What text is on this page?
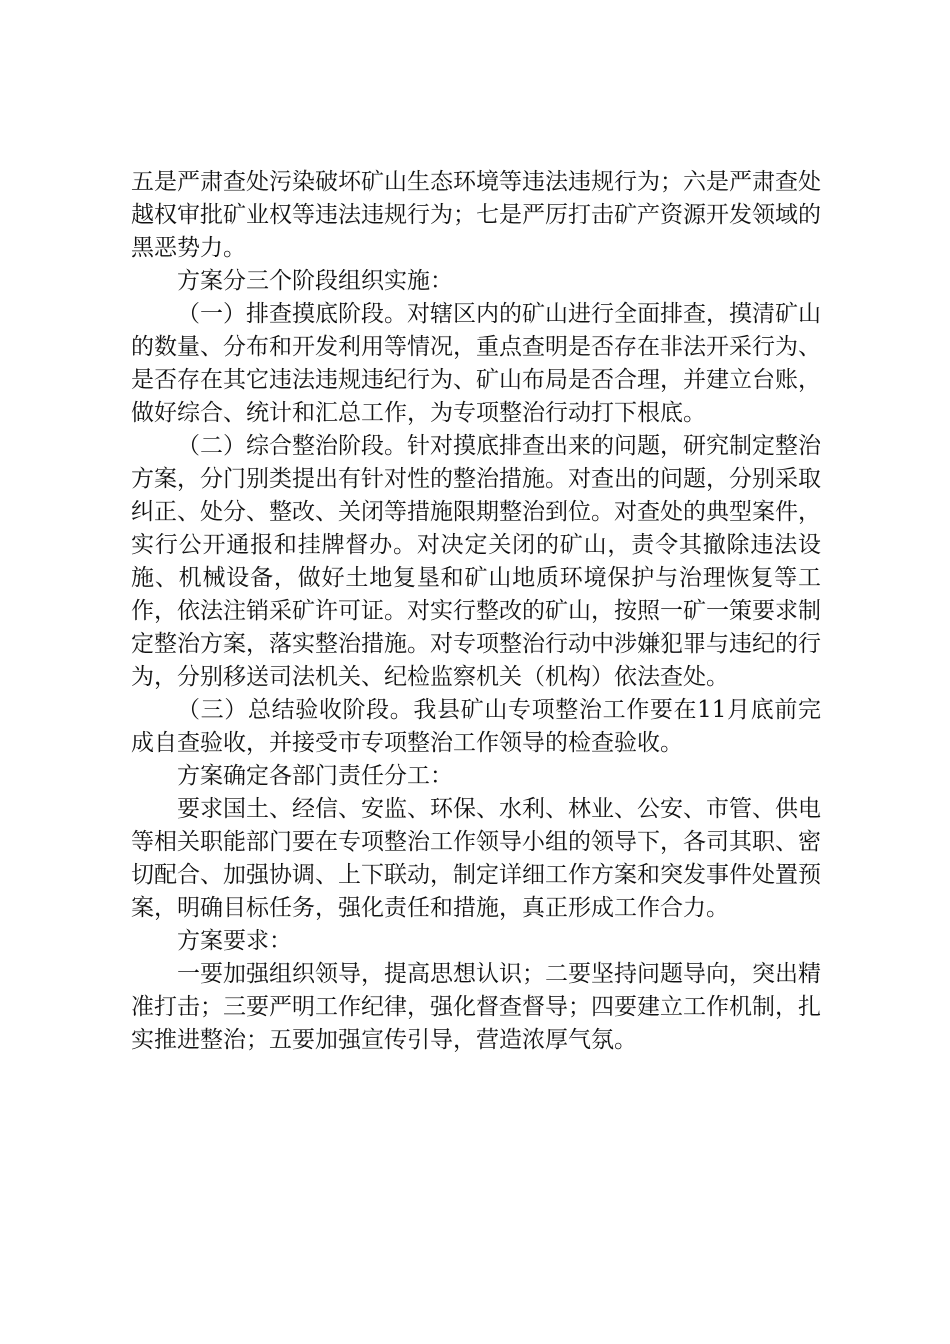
五是严肃查处污染破坏矿山生态环境等违法违规行为；六是严肃查处越权审批矿业权等违法违规行为；七是严厉打击矿产资源开发领域的黑恶势力。

方案分三个阶段组织实施：

（一）排查摸底阶段。对辖区内的矿山进行全面排查，摸清矿山的数量、分布和开发利用等情况，重点查明是否存在非法开采行为、是否存在其它违法违规违纪行为、矿山布局是否合理，并建立台账，做好综合、统计和汇总工作，为专项整治行动打下根底。

（二）综合整治阶段。针对摸底排查出来的问题，研究制定整治方案，分门别类提出有针对性的整治措施。对查出的问题，分别采取纠正、处分、整改、关闭等措施限期整治到位。对查处的典型案件，实行公开通报和挂牌督办。对决定关闭的矿山，责令其撤除违法设施、机械设备，做好土地复垦和矿山地质环境保护与治理恢复等工作，依法注销采矿许可证。对实行整改的矿山，按照一矿一策要求制定整治方案，落实整治措施。对专项整治行动中涉嫌犯罪与违纪的行为，分别移送司法机关、纪检监察机关（机构）依法查处。

（三）总结验收阶段。我县矿山专项整治工作要在11月底前完成自查验收，并接受市专项整治工作领导的检查验收。

方案确定各部门责任分工：

要求国土、经信、安监、环保、水利、林业、公安、市管、供电等相关职能部门要在专项整治工作领导小组的领导下，各司其职、密切配合、加强协调、上下联动，制定详细工作方案和突发事件处置预案，明确目标任务，强化责任和措施，真正形成工作合力。

方案要求：

一要加强组织领导，提高思想认识；二要坚持问题导向，突出精准打击；三要严明工作纪律，强化督查督导；四要建立工作机制，扎实推进整治；五要加强宣传引导，营造浓厚气氛。
